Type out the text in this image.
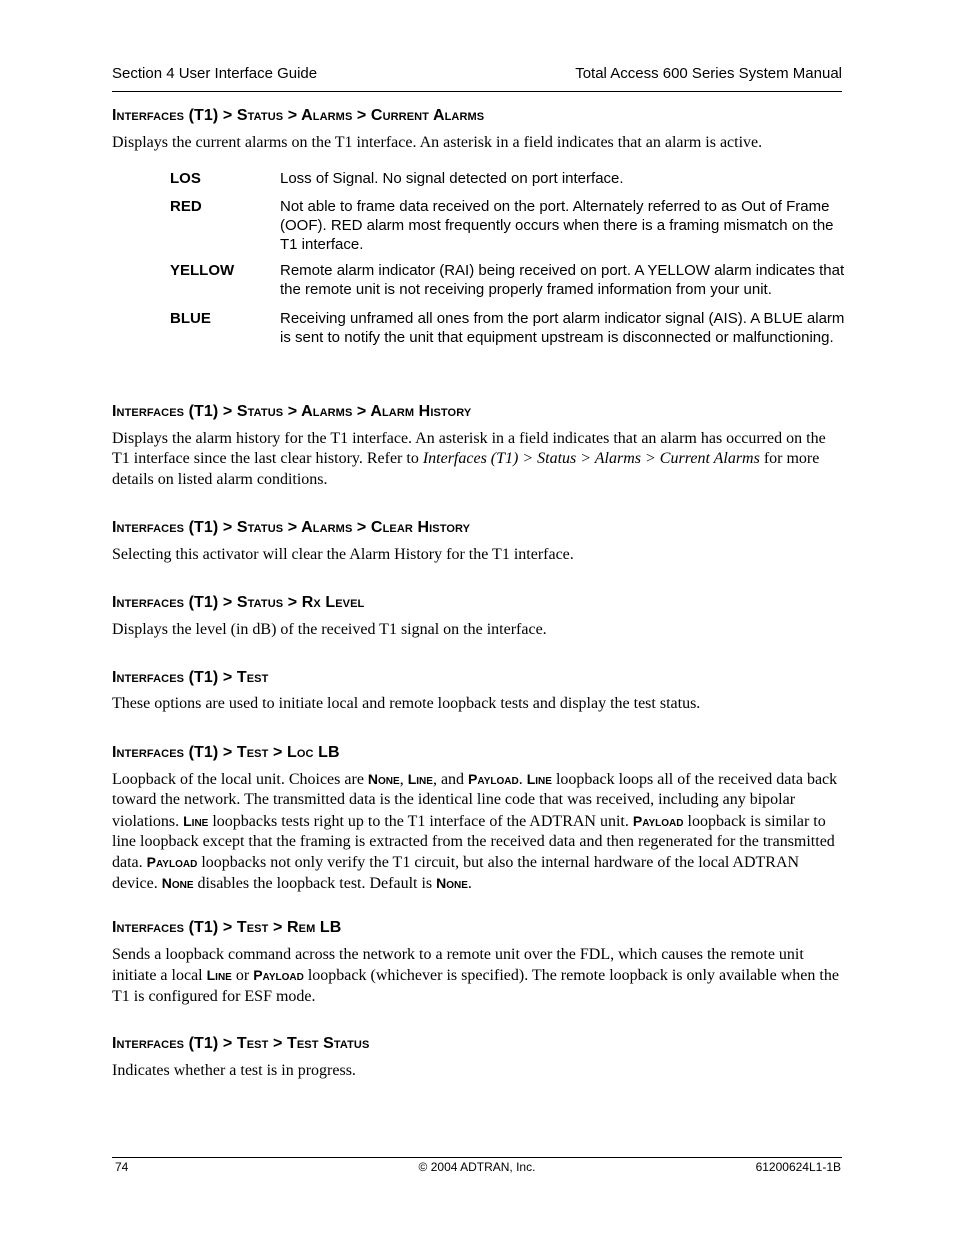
Section 4 User Interface Guide	Total Access 600 Series System Manual
Interfaces (T1) > Status > Alarms > Current Alarms
Displays the current alarms on the T1 interface. An asterisk in a field indicates that an alarm is active.
LOS	Loss of Signal. No signal detected on port interface.
RED	Not able to frame data received on the port. Alternately referred to as Out of Frame (OOF). RED alarm most frequently occurs when there is a framing mismatch on the T1 interface.
YELLOW	Remote alarm indicator (RAI) being received on port. A YELLOW alarm indicates that the remote unit is not receiving properly framed information from your unit.
BLUE	Receiving unframed all ones from the port alarm indicator signal (AIS). A BLUE alarm is sent to notify the unit that equipment upstream is disconnected or malfunctioning.
Interfaces (T1) > Status > Alarms > Alarm History
Displays the alarm history for the T1 interface. An asterisk in a field indicates that an alarm has occurred on the T1 interface since the last clear history. Refer to Interfaces (T1) > Status > Alarms > Current Alarms for more details on listed alarm conditions.
Interfaces (T1) > Status > Alarms > Clear History
Selecting this activator will clear the Alarm History for the T1 interface.
Interfaces (T1) > Status > Rx Level
Displays the level (in dB) of the received T1 signal on the interface.
Interfaces (T1) > Test
These options are used to initiate local and remote loopback tests and display the test status.
Interfaces (T1) > Test > Loc LB
Loopback of the local unit. Choices are None, Line, and Payload. Line loopback loops all of the received data back toward the network. The transmitted data is the identical line code that was received, including any bipolar violations. Line loopbacks tests right up to the T1 interface of the ADTRAN unit. Payload loopback is similar to line loopback except that the framing is extracted from the received data and then regenerated for the transmitted data. Payload loopbacks not only verify the T1 circuit, but also the internal hardware of the local ADTRAN device. None disables the loopback test. Default is None.
Interfaces (T1) > Test > Rem LB
Sends a loopback command across the network to a remote unit over the FDL, which causes the remote unit initiate a local Line or Payload loopback (whichever is specified). The remote loopback is only available when the T1 is configured for ESF mode.
Interfaces (T1) > Test > Test Status
Indicates whether a test is in progress.
74	© 2004 ADTRAN, Inc.	61200624L1-1B
